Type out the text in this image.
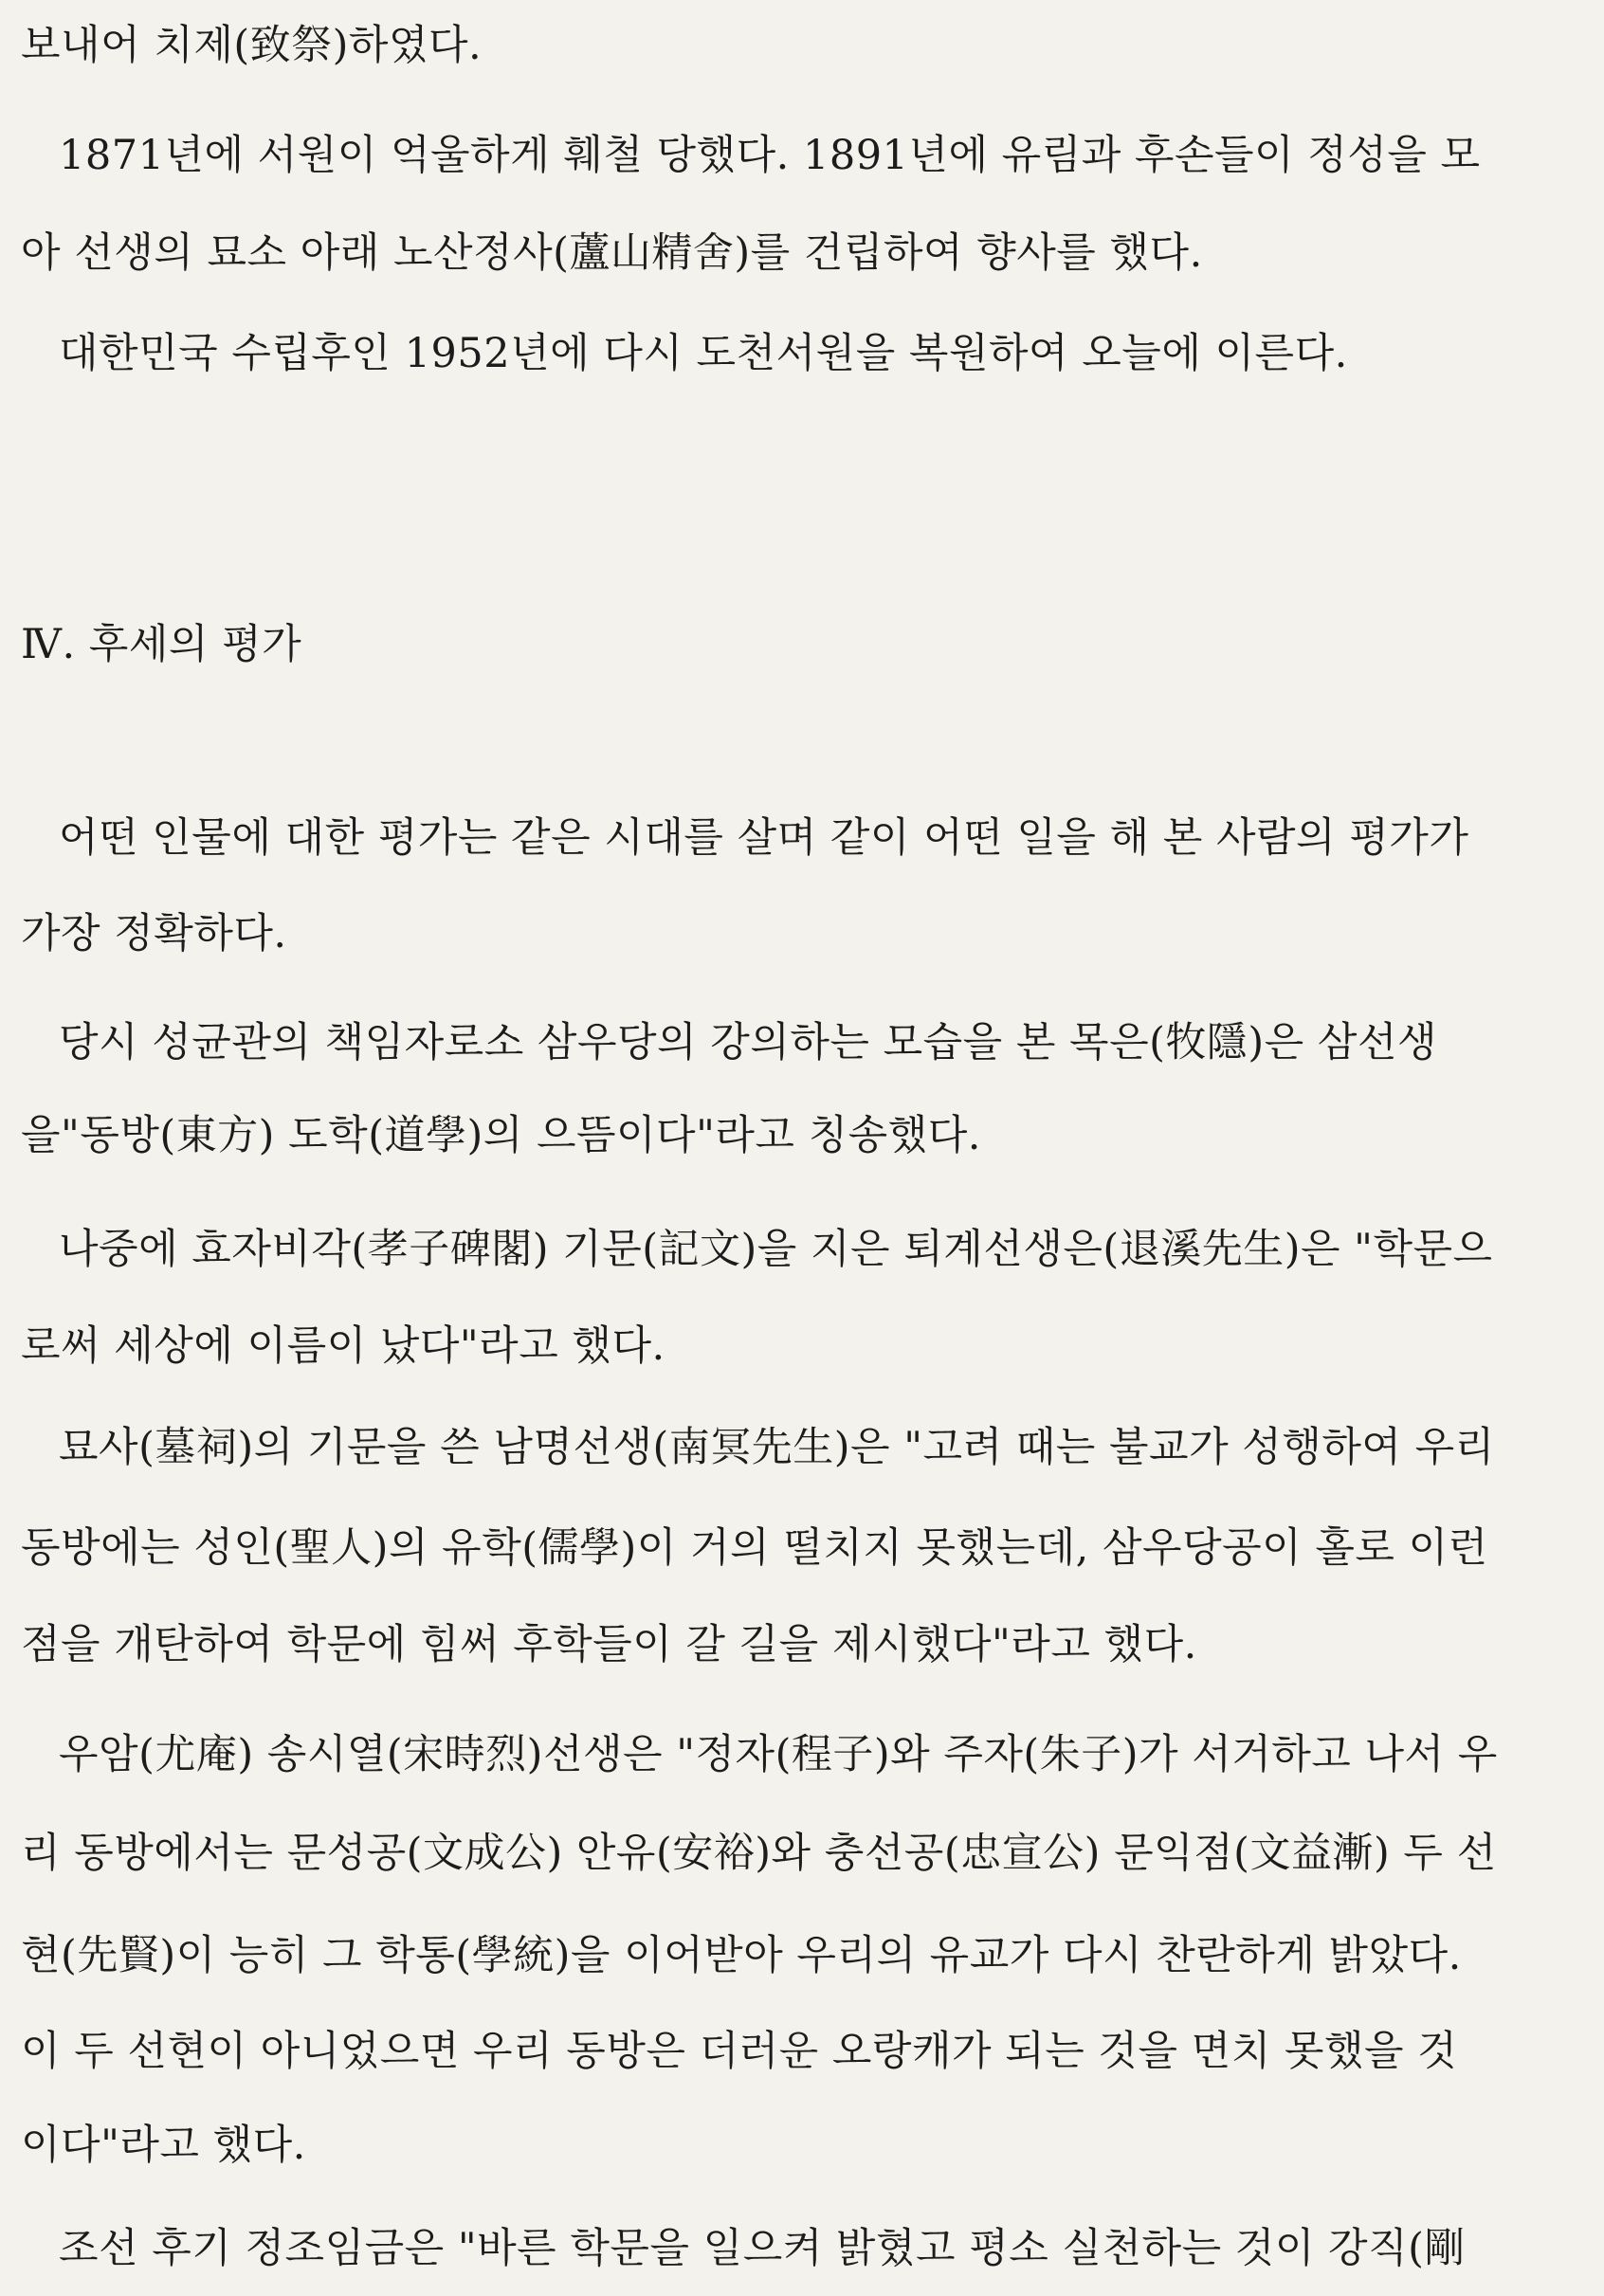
보내어 치제(致祭)하였다.
1871년에 서원이 억울하게 훼철 당했다. 1891년에 유림과 후손들이 정성을 모
아 선생의 묘소 아래 노산정사(蘆山精舍)를 건립하여 향사를 했다.
대한민국 수립후인 1952년에 다시 도천서원을 복원하여 오늘에 이른다.
Ⅳ. 후세의 평가
어떤 인물에 대한 평가는 같은 시대를 살며 같이 어떤 일을 해 본 사람의 평가가
가장 정확하다.
당시 성균관의 책임자로소 삼우당의 강의하는 모습을 본 목은(牧隱)은 삼선생
을"동방(東方) 도학(道學)의 으뜸이다"라고 칭송했다.
나중에 효자비각(孝子碑閣) 기문(記文)을 지은 퇴계선생은(退溪先生)은 "학문으
로써 세상에 이름이 났다"라고 했다.
묘사(墓祠)의 기문을 쓴 남명선생(南冥先生)은 "고려 때는 불교가 성행하여 우리
동방에는 성인(聖人)의 유학(儒學)이 거의 떨치지 못했는데, 삼우당공이 홀로 이런
점을 개탄하여 학문에 힘써 후학들이 갈 길을 제시했다"라고 했다.
우암(尤庵) 송시열(宋時烈)선생은 "정자(程子)와 주자(朱子)가 서거하고 나서 우
리 동방에서는 문성공(文成公) 안유(安裕)와 충선공(忠宣公) 문익점(文益漸) 두 선
현(先賢)이 능히 그 학통(學統)을 이어받아 우리의 유교가 다시 찬란하게 밝았다.
이 두 선현이 아니었으면 우리 동방은 더러운 오랑캐가 되는 것을 면치 못했을 것
이다"라고 했다.
조선 후기 정조임금은 "바른 학문을 일으켜 밝혔고 평소 실천하는 것이 강직(剛
